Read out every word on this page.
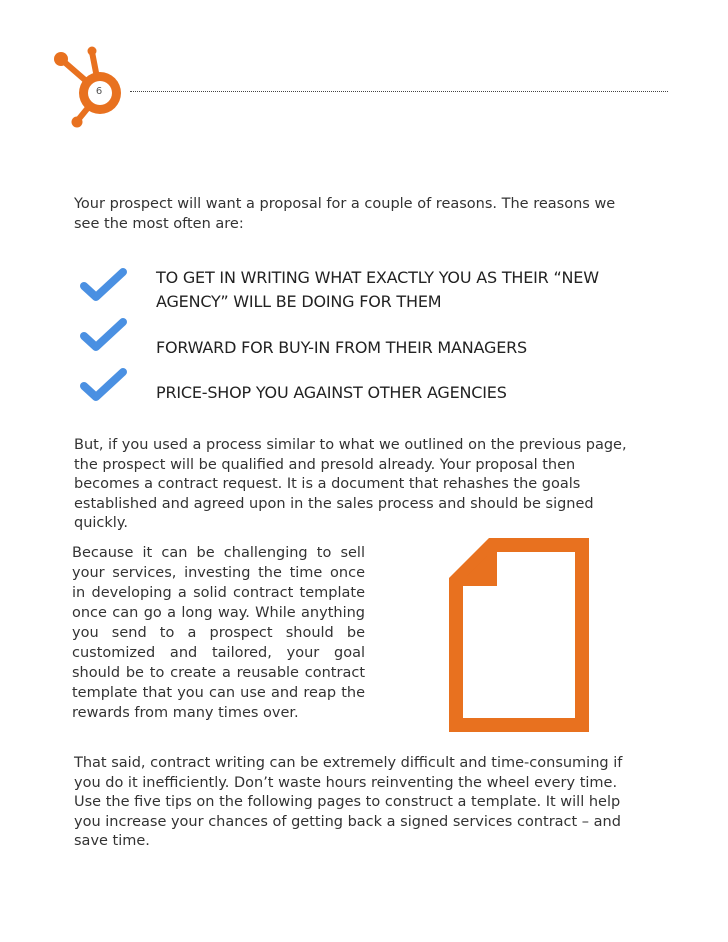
6

Your prospect will want a proposal for a couple of reasons. The reasons we see the most often are:

TO GET IN WRITING WHAT EXACTLY YOU AS THEIR “NEW AGENCY” WILL BE DOING FOR THEM

FORWARD FOR BUY-IN FROM THEIR MANAGERS

PRICE-SHOP YOU AGAINST OTHER AGENCIES

But, if you used a process similar to what we outlined on the previous page, the prospect will be qualified and presold already. Your proposal then becomes a contract request. It is a document that rehashes the goals established and agreed upon in the sales process and should be signed quickly.

Because it can be challenging to sell your services, investing the time once in developing a solid contract template once can go a long way. While anything you send to a prospect should be customized and tailored, your goal should be to create a reusable contract template that you can use and reap the rewards from many times over.

That said, contract writing can be extremely difficult and time-consuming if you do it inefficiently. Don’t waste hours reinventing the wheel every time. Use the five tips on the following pages to construct a template. It will help you increase your chances of getting back a signed services contract – and save time.
